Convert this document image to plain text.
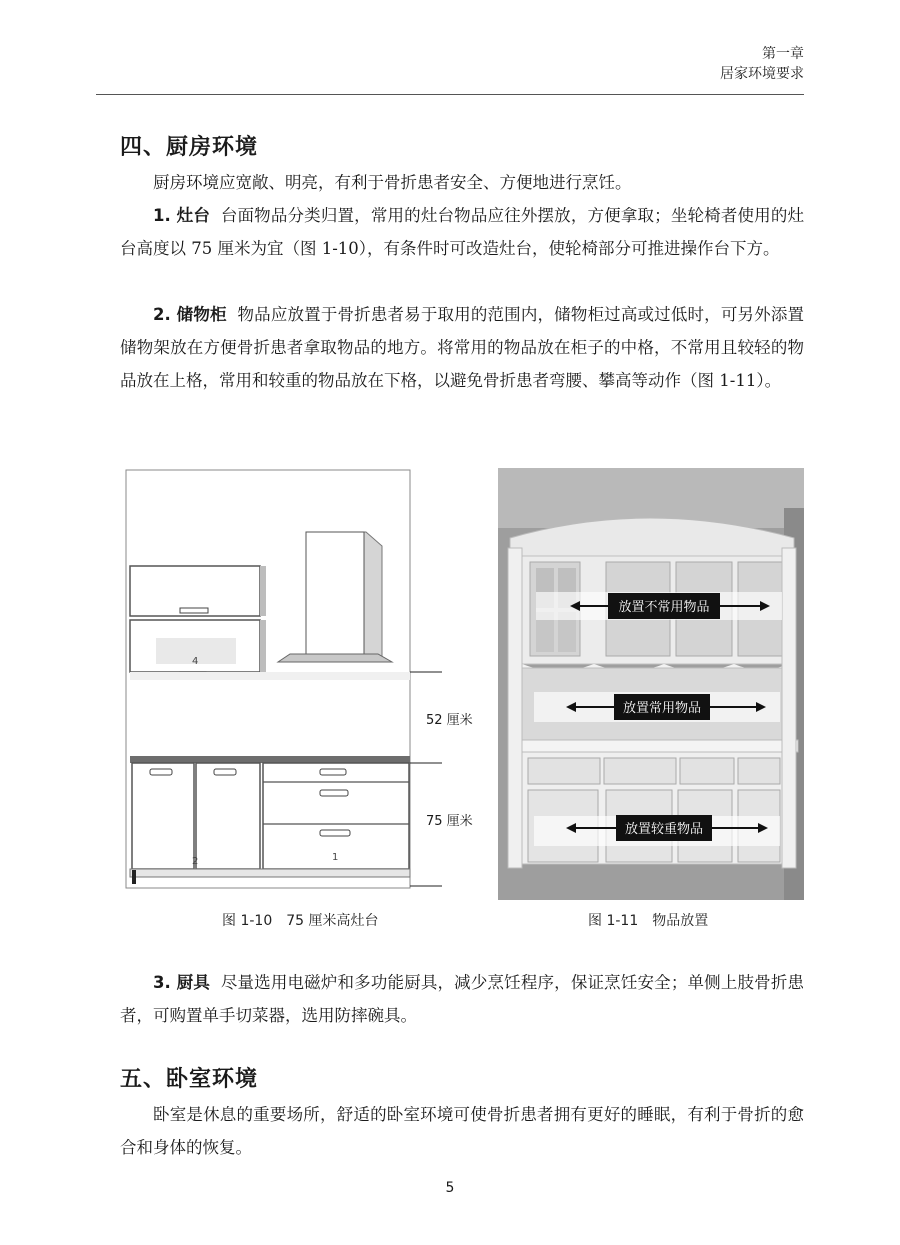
第一章
居家环境要求
四、厨房环境

厨房环境应宽敞、明亮，有利于骨折患者安全、方便地进行烹饪。

1. 灶台 台面物品分类归置，常用的灶台物品应往外摆放，方便拿取；坐轮椅者使用的灶台高度以 75 厘米为宜（图 1-10），有条件时可改造灶台，使轮椅部分可推进操作台下方。

2. 储物柜 物品应放置于骨折患者易于取用的范围内，储物柜过高或过低时，可另外添置储物架放在方便骨折患者拿取物品的地方。将常用的物品放在柜子的中格，不常用且较轻的物品放在上格，常用和较重的物品放在下格，以避免骨折患者弯腰、攀高等动作（图 1-11）。

4
2	1
52 厘米
75 厘米
放置不常用物品
放置常用物品
放置较重物品
图 1-10 75 厘米高灶台	图 1-11 物品放置

3. 厨具 尽量选用电磁炉和多功能厨具，减少烹饪程序，保证烹饪安全；单侧上肢骨折患者，可购置单手切菜器，选用防摔碗具。

五、卧室环境

卧室是休息的重要场所，舒适的卧室环境可使骨折患者拥有更好的睡眠，有利于骨折的愈合和身体的恢复。

5
